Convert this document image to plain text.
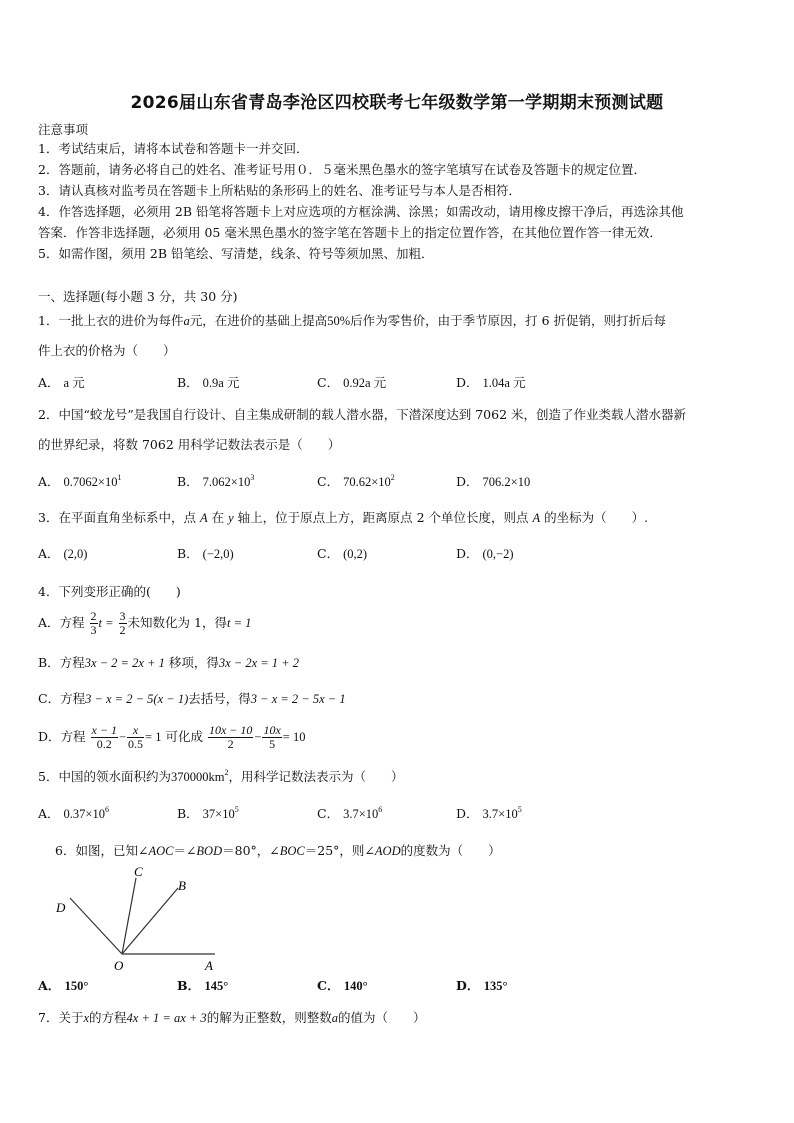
2026届山东省青岛李沧区四校联考七年级数学第一学期期末预测试题
注意事项
1．考试结束后，请将本试卷和答题卡一并交回．
2．答题前，请务必将自己的姓名、准考证号用０．５毫米黑色墨水的签字笔填写在试卷及答题卡的规定位置．
3．请认真核对监考员在答题卡上所粘贴的条形码上的姓名、准考证号与本人是否相符．
4．作答选择题，必须用 2B 铅笔将答题卡上对应选项的方框涂满、涂黑；如需改动，请用橡皮擦干净后，再选涂其他
答案．作答非选择题，必须用 05 毫米黑色墨水的签字笔在答题卡上的指定位置作答，在其他位置作答一律无效．
5．如需作图，须用 2B 铅笔绘、写清楚，线条、符号等须加黑、加粗．
一、选择题(每小题 3 分，共 30 分)
1．一批上衣的进价为每件a元，在进价的基础上提高50%后作为零售价，由于季节原因，打 6 折促销，则打折后每
件上衣的价格为（　　）
A． a 元	B． 0.9a 元	C． 0.92a 元	D． 1.04a 元
2．中国“蛟龙号”是我国自行设计、自主集成研制的载人潜水器，下潜深度达到 7062 米，创造了作业类载人潜水器新
的世界纪录，将数 7062 用科学记数法表示是（　　）
A． $0.7062\times 10^1$	B． $7.062\times 10^3$	C． $70.62\times 10^2$	D． 706.2×10
3．在平面直角坐标系中，点 A 在 y 轴上，位于原点上方，距离原点 2 个单位长度，则点 A 的坐标为（　　）.
A． (2,0)	B． (−2,0)	C． (0,2)	D． (0,−2)
4．下列变形正确的(　　)
A．方程 $\frac{2}{3}$ $t = \frac{3}{2}$ 未知数化为 1，得t = 1
B．方程3x − 2 = 2x + 1 移项，得3x − 2x = 1 + 2
C．方程3 − x = 2 − 5(x − 1)去括号，得3 − x = 2 − 5x − 1
D．方程 $\frac{x - 1}{0.2} - \frac{x}{0.5} = 1$ 可化成 $\frac{10x - 10}{2} - \frac{10x}{5} = 10$
5．中国的领水面积约为$370000km^2$，用科学记数法表示为（　　）
A． $0.37\times 10^6$	B． $37\times 10^5$	C． $3.7\times 10^6$	D． $3.7\times 10^5$
6．如图，已知∠AOC＝∠BOD＝80°，∠BOC＝25°，则∠AOD的度数为（　　）
C
B
D
O	A
A． 150°	B． 145°	C． 140°	D． 135°
7．关于x的方程4x + 1 = ax + 3的解为正整数，则整数a的值为（　　）
